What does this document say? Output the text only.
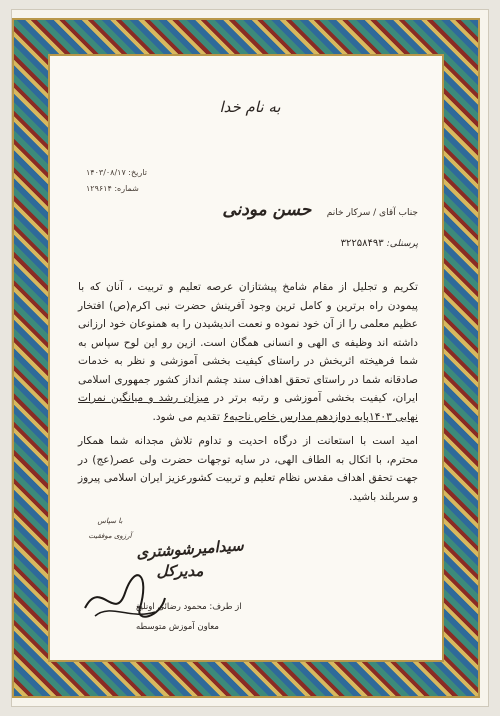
به نام خدا
تاریخ: ۱۴۰۳/۰۸/۱۷
شماره: ۱۲۹۶۱۴
جناب آقای / سرکار خانم حسن مودنی
پرسنلی: ۳۲۲۵۸۴۹۳

تکریم و تجلیل از مقام شامخ پیشتازان عرصه تعلیم و تربیت ، آنان که با پیمودن راه برترین و کامل ترین وجود آفرینش حضرت نبی اکرم(ص) افتخار عظیم معلمی را از آن خود نموده و نعمت اندیشیدن را به همنوعان خود ارزانی داشته اند وظیفه ی الهی و انسانی همگان است. ازین رو این لوح سپاس به شما فرهیخته اثربخش در راستای کیفیت بخشی آموزشی و نظر به خدمات صادقانه شما در راستای تحقق اهداف سند چشم انداز کشور جمهوری اسلامی ایران، کیفیت بخشی آموزشی و رتبه برتر در میزان رشد و میانگین نمرات نهایی ۱۴۰۳پایه دوازدهم مدارس خاص ناحیه۶ تقدیم می شود.

امید است با استعانت از درگاه احدیت و تداوم تلاش مجدانه شما همکار محترم، با اتکال به الطاف الهی، در سایه توجهات حضرت ولی عصر(عج) در جهت تحقق اهداف مقدس نظام تعلیم و تربیت کشورعزیز ایران اسلامی پیروز و سربلند باشید.

با سپاس
آرزوی موفقیت
سیدامیرشوشتری
مدیرکل
از طرف: محمود رضائی اونلیغ
معاون آموزش متوسطه
